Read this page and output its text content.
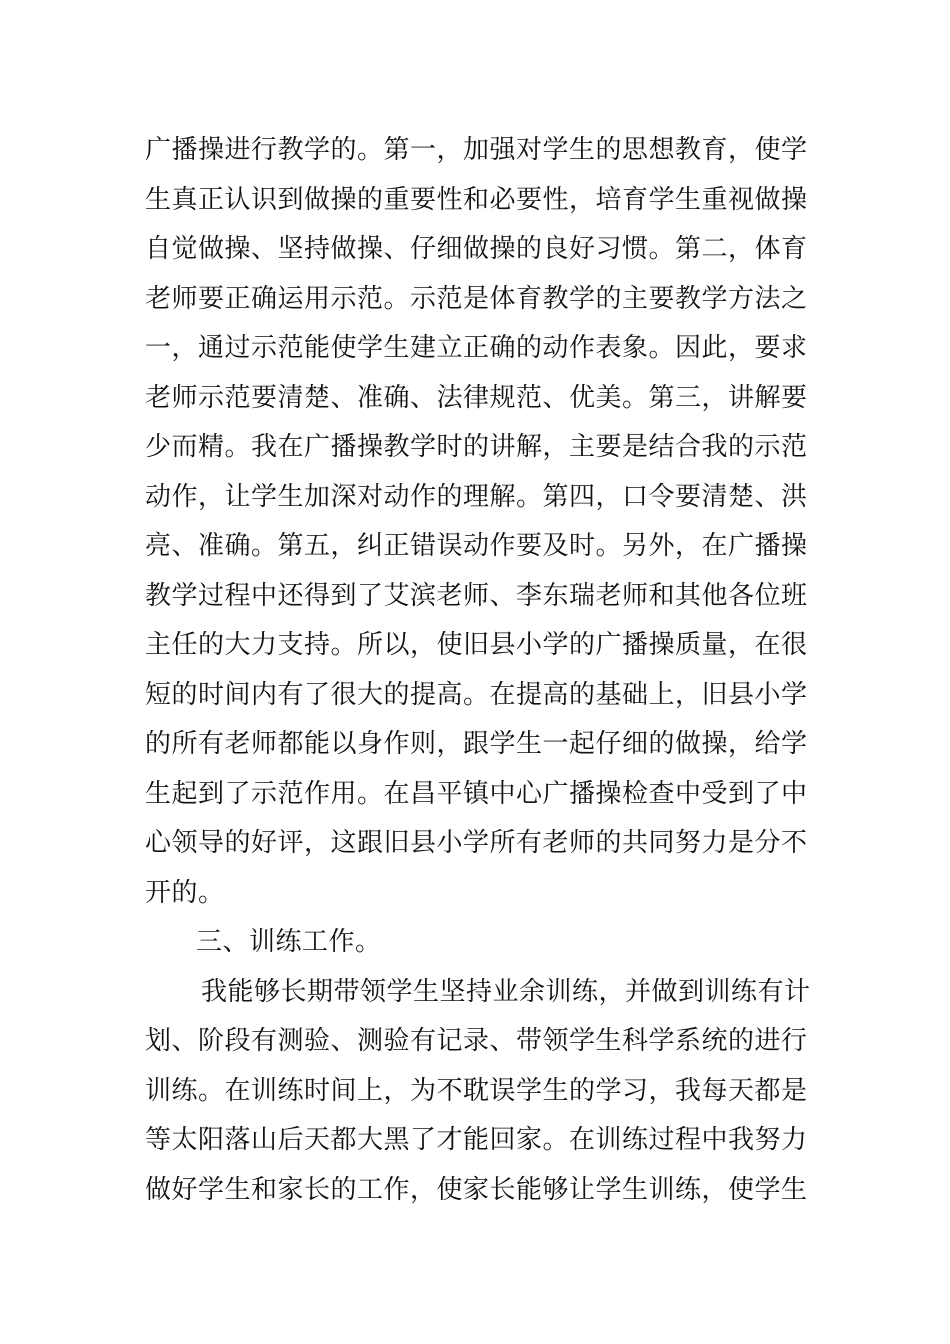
广播操进行教学的。第一，加强对学生的思想教育，使学
生真正认识到做操的重要性和必要性，培育学生重视做操
自觉做操、坚持做操、仔细做操的良好习惯。第二，体育
老师要正确运用示范。示范是体育教学的主要教学方法之
一，通过示范能使学生建立正确的动作表象。因此，要求
老师示范要清楚、准确、法律规范、优美。第三，讲解要
少而精。我在广播操教学时的讲解，主要是结合我的示范
动作，让学生加深对动作的理解。第四，口令要清楚、洪
亮、准确。第五，纠正错误动作要及时。另外，在广播操
教学过程中还得到了艾滨老师、李东瑞老师和其他各位班
主任的大力支持。所以，使旧县小学的广播操质量，在很
短的时间内有了很大的提高。在提高的基础上，旧县小学
的所有老师都能以身作则，跟学生一起仔细的做操，给学
生起到了示范作用。在昌平镇中心广播操检查中受到了中
心领导的好评，这跟旧县小学所有老师的共同努力是分不
开的。
三、训练工作。
我能够长期带领学生坚持业余训练，并做到训练有计
划、阶段有测验、测验有记录、带领学生科学系统的进行
训练。在训练时间上，为不耽误学生的学习，我每天都是
等太阳落山后天都大黑了才能回家。在训练过程中我努力
做好学生和家长的工作，使家长能够让学生训练，使学生
